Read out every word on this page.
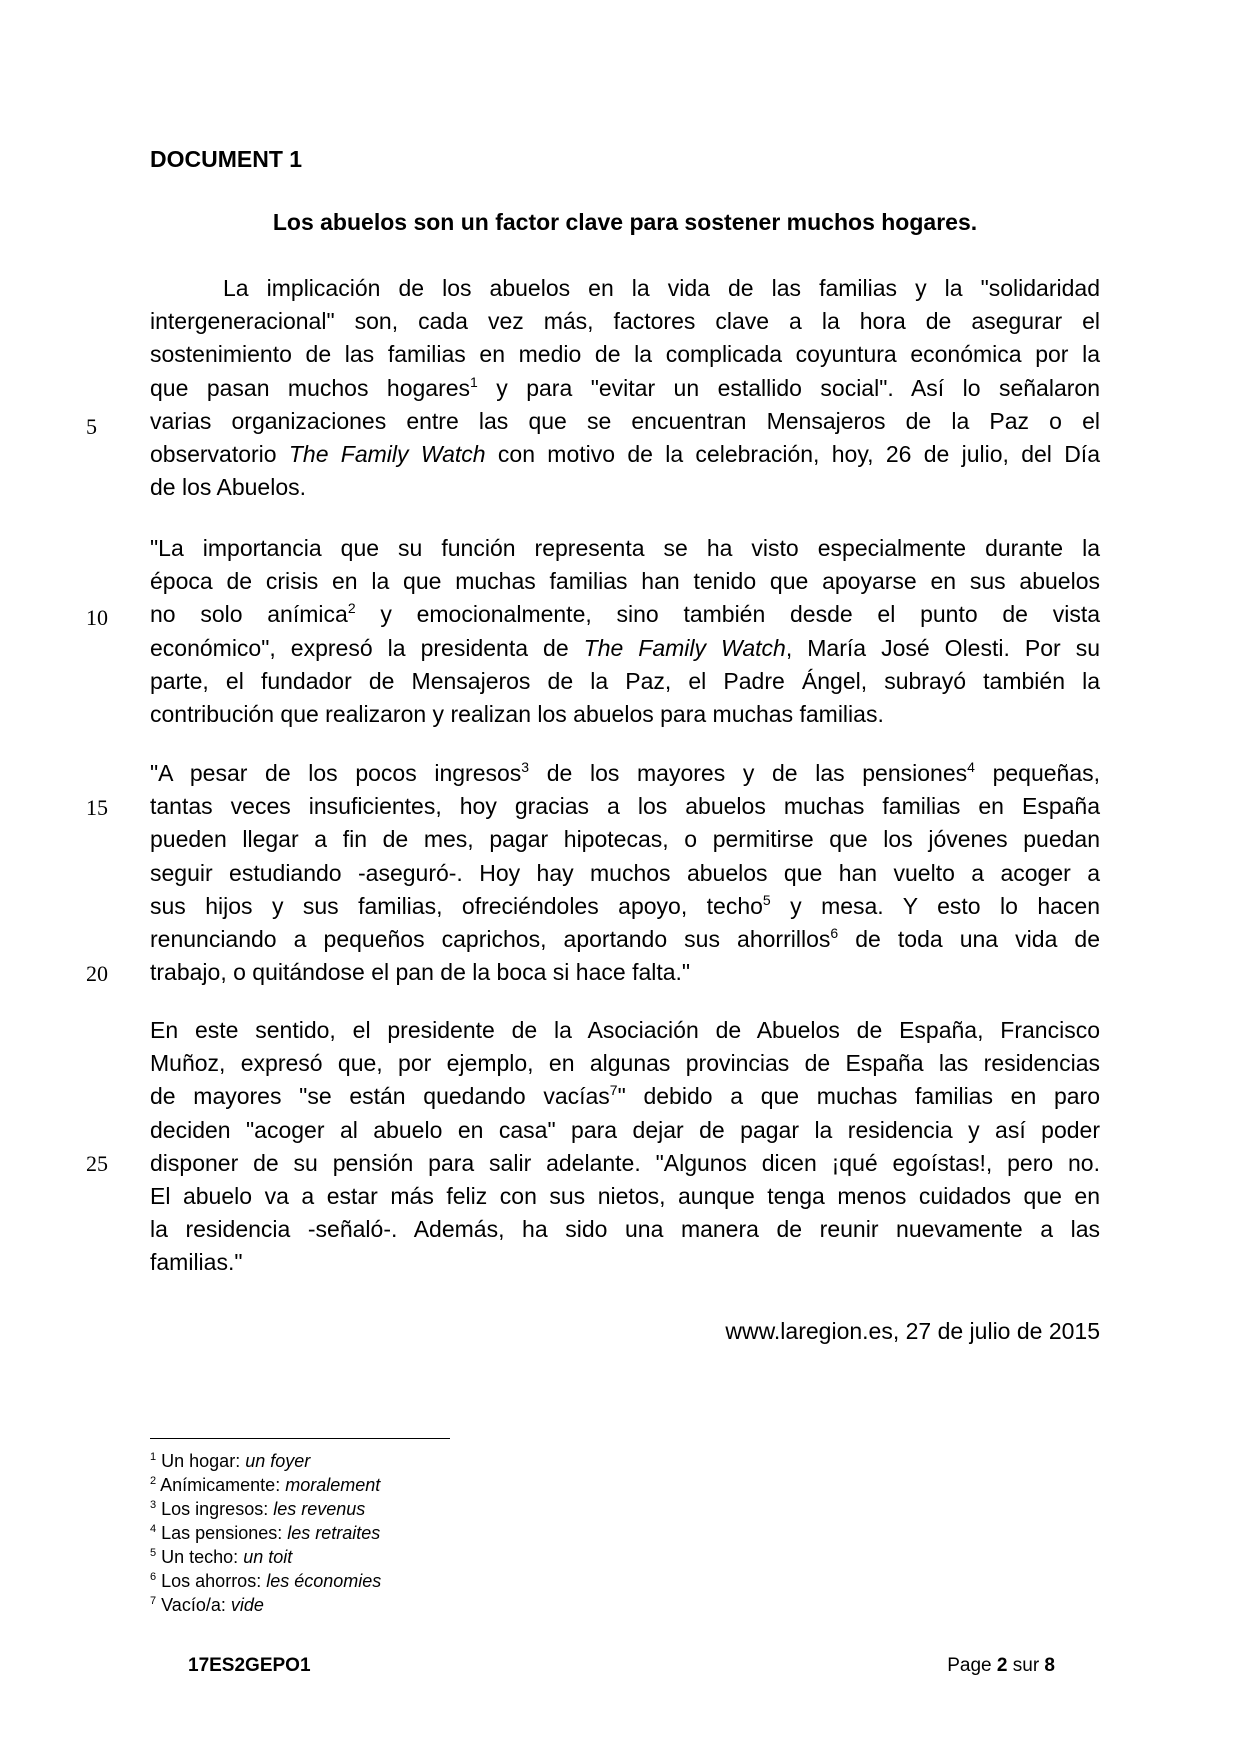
DOCUMENT 1
Los abuelos son un factor clave para sostener muchos hogares.
La implicación de los abuelos en la vida de las familias y la "solidaridad
intergeneracional" son, cada vez más, factores clave a la hora de asegurar el
sostenimiento de las familias en medio de la complicada coyuntura económica por la
que pasan muchos hogares$^1$ y para "evitar un estallido social". Así lo señalaron
varias organizaciones entre las que se encuentran Mensajeros de la Paz o el
observatorio The Family Watch con motivo de la celebración, hoy, 26 de julio, del Día
de los Abuelos.
"La importancia que su función representa se ha visto especialmente durante la
época de crisis en la que muchas familias han tenido que apoyarse en sus abuelos
no solo anímica$^2$ y emocionalmente, sino también desde el punto de vista
económico", expresó la presidenta de The Family Watch, María José Olesti. Por su
parte, el fundador de Mensajeros de la Paz, el Padre Ángel, subrayó también la
contribución que realizaron y realizan los abuelos para muchas familias.
"A pesar de los pocos ingresos$^3$ de los mayores y de las pensiones$^4$ pequeñas,
tantas veces insuficientes, hoy gracias a los abuelos muchas familias en España
pueden llegar a fin de mes, pagar hipotecas, o permitirse que los jóvenes puedan
seguir estudiando -aseguró-. Hoy hay muchos abuelos que han vuelto a acoger a
sus hijos y sus familias, ofreciéndoles apoyo, techo$^5$ y mesa. Y esto lo hacen
renunciando a pequeños caprichos, aportando sus ahorrillos$^6$ de toda una vida de
trabajo, o quitándose el pan de la boca si hace falta."
En este sentido, el presidente de la Asociación de Abuelos de España, Francisco
Muñoz, expresó que, por ejemplo, en algunas provincias de España las residencias
de mayores "se están quedando vacías$^7$" debido a que muchas familias en paro
deciden "acoger al abuelo en casa" para dejar de pagar la residencia y así poder
disponer de su pensión para salir adelante. "Algunos dicen ¡qué egoístas!, pero no.
El abuelo va a estar más feliz con sus nietos, aunque tenga menos cuidados que en
la residencia -señaló-. Además, ha sido una manera de reunir nuevamente a las
familias."
5
10
15
20
25
www.laregion.es, 27 de julio de 2015
$^1$ Un hogar: un foyer
$^2$ Anímicamente: moralement
$^3$ Los ingresos: les revenus
$^4$ Las pensiones: les retraites
$^5$ Un techo: un toit
$^6$ Los ahorros: les économies
$^7$ Vacío/a: vide
17ES2GEPO1	Page 2 sur 8
